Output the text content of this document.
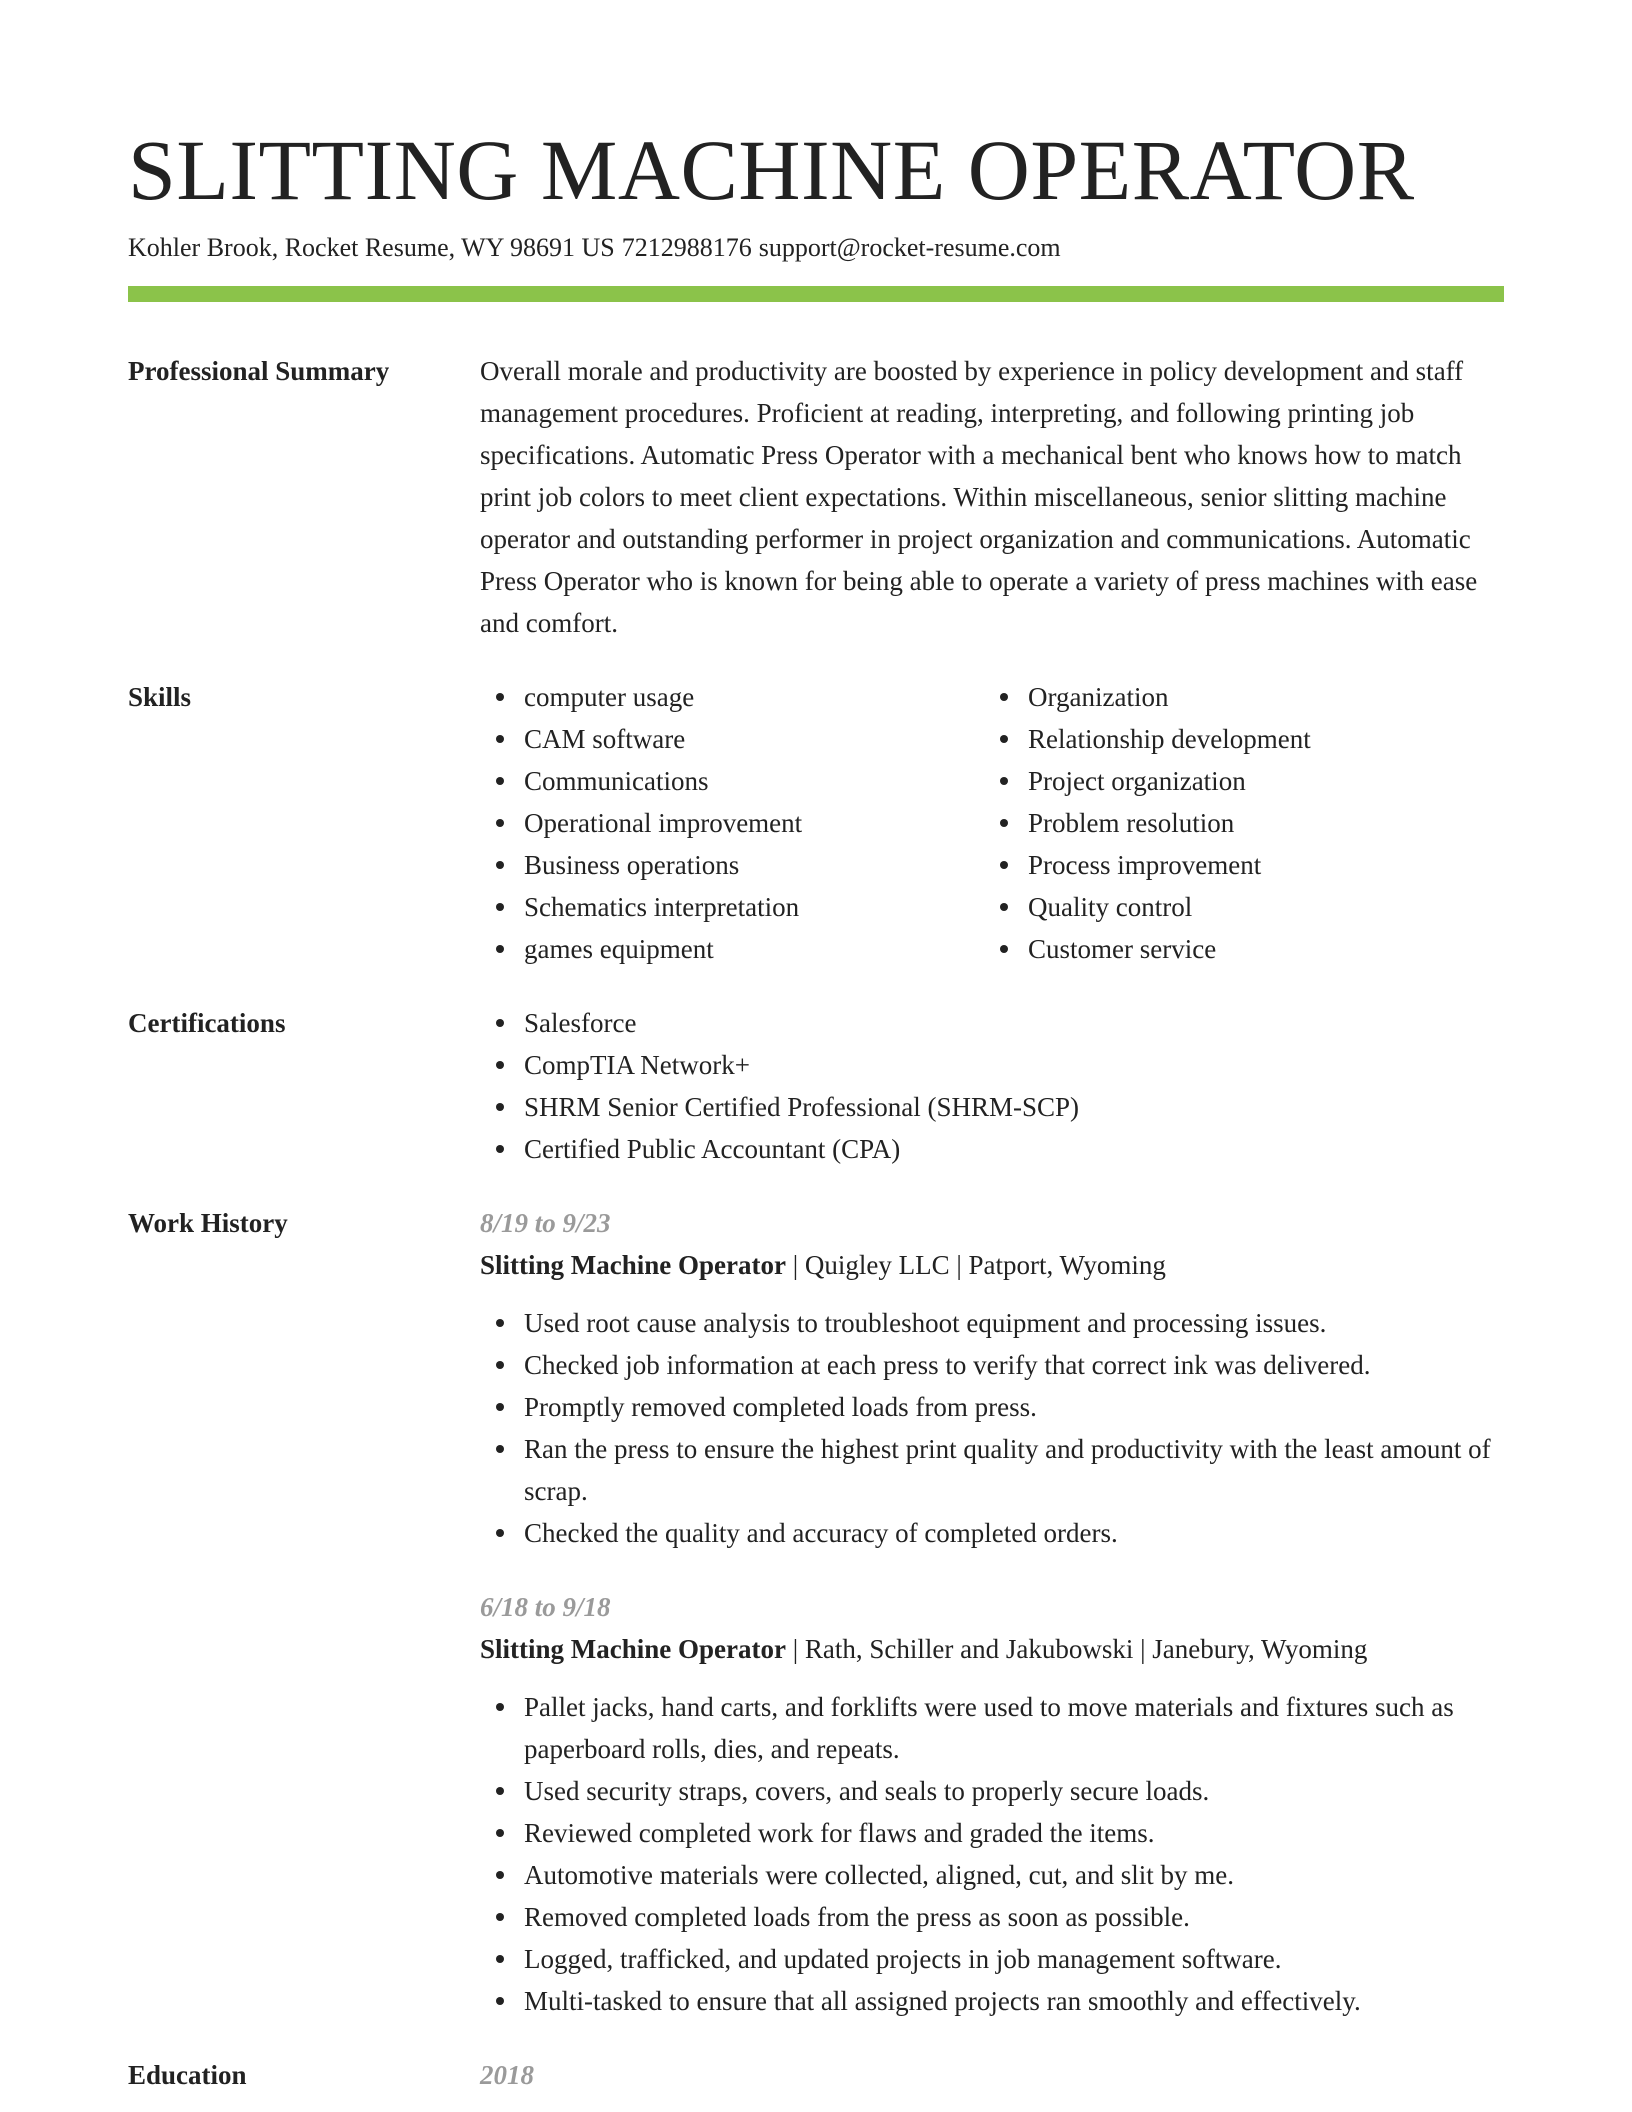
SLITTING MACHINE OPERATOR
Kohler Brook, Rocket Resume, WY 98691 US 7212988176 support@rocket-resume.com
Professional Summary	Overall morale and productivity are boosted by experience in policy development and staff management procedures. Proficient at reading, interpreting, and following printing job specifications. Automatic Press Operator with a mechanical bent who knows how to match print job colors to meet client expectations. Within miscellaneous, senior slitting machine operator and outstanding performer in project organization and communications. Automatic Press Operator who is known for being able to operate a variety of press machines with ease and comfort.

Skills	computer usage
CAM software
Communications
Operational improvement
Business operations
Schematics interpretation
games equipment
Organization
Relationship development
Project organization
Problem resolution
Process improvement
Quality control
Customer service
Certifications	Salesforce
CompTIA Network+
SHRM Senior Certified Professional (SHRM-SCP)
Certified Public Accountant (CPA)
Work History	8/19 to 9/23
Slitting Machine Operator | Quigley LLC | Patport, Wyoming
Used root cause analysis to troubleshoot equipment and processing issues.
Checked job information at each press to verify that correct ink was delivered.
Promptly removed completed loads from press.
Ran the press to ensure the highest print quality and productivity with the least amount of scrap.
Checked the quality and accuracy of completed orders.
6/18 to 9/18
Slitting Machine Operator | Rath, Schiller and Jakubowski | Janebury, Wyoming
Pallet jacks, hand carts, and forklifts were used to move materials and fixtures such as paperboard rolls, dies, and repeats.
Used security straps, covers, and seals to properly secure loads.
Reviewed completed work for flaws and graded the items.
Automotive materials were collected, aligned, cut, and slit by me.
Removed completed loads from the press as soon as possible.
Logged, trafficked, and updated projects in job management software.
Multi-tasked to ensure that all assigned projects ran smoothly and effectively.
Education	2018
